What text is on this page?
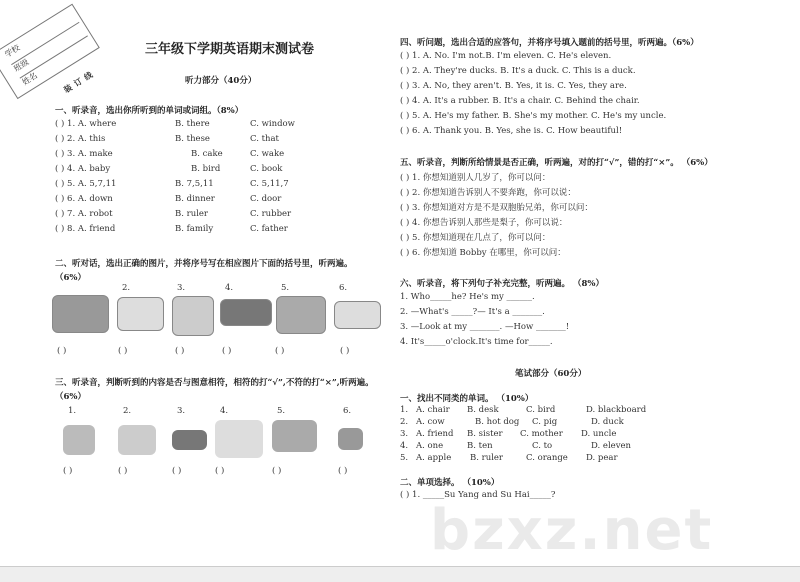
bzxz.net
学校
班级
姓名	装订线
三年级下学期英语期末测试卷
听力部分（40分）
一、听录音，选出你所听到的单词或词组。（8%）
( ) 1. A. where	B. there	C. window
( ) 2. A. this	B. these	C. that
( ) 3. A. make	B. cake	C. wake
( ) 4. A. baby	B. bird	C. book
( ) 5. A. 5,7,11	B. 7,5,11	C. 5,11,7
( ) 6. A. down	B. dinner	C. door
( ) 7. A. robot	B. ruler	C. rubber
( ) 8. A. friend	B. family	C. father
二、听对话，选出正确的图片，并将序号写在相应图片下面的括号里，听两遍。
（6%）
( )
2.
( )
3.
( )
4.
( )
5.
( )
6.
( )
三、听录音，判断听到的内容是否与图意相符，相符的打“√”,不符的打“×”,听两遍。
（6%）
1.
( )
2.
( )
3.
( )
4.
( )
5.
( )
6.
( )
四、听问题，选出合适的应答句，并将序号填入题前的括号里，听两遍。（6%）
( ) 1. A. No. I'm not.B. I'm eleven. C. He's eleven.
( ) 2. A. They're ducks. B. It's a duck. C. This is a duck.
( ) 3. A. No, they aren't. B. Yes, it is. C. Yes, they are.
( ) 4. A. It's a rubber. B. It's a chair. C. Behind the chair.
( ) 5. A. He's my father. B. She's my mother. C. He's my uncle.
( ) 6. A. Thank you. B. Yes, she is. C. How beautiful!
五、听录音，判断所给情景是否正确，听两遍，对的打“√”，错的打“×”。 （6%）
( ) 1. 你想知道别人几岁了，你可以问：
( ) 2. 你想知道告诉别人不要奔跑，你可以说：
( ) 3. 你想知道对方是不是双胞胎兄弟，你可以问：
( ) 4. 你想告诉别人那些是梨子，你可以说：
( ) 5. 你想知道现在几点了，你可以问：
( ) 6. 你想知道 Bobby 在哪里，你可以问：
六、听录音，将下列句子补充完整，听两遍。 （8%）
1. Who_____he? He's my ______.
2. —What's _____?— It's a _______.
3. —Look at my _______. —How _______!
4. It's_____o'clock.It's time for_____.
笔试部分（60分）
一、找出不同类的单词。 （10%）
1. A. chair B. desk	C. bird	D. blackboard
2. A. cow	B. hot dog C. pig	D. duck
3. A. friend B. sister C. mother D. uncle
4. A. one	B. ten	C. to	D. eleven
5. A. apple B. ruler	C. orange D. pear
二、单项选择。 （10%）
( ) 1. _____Su Yang and Su Hai_____?
